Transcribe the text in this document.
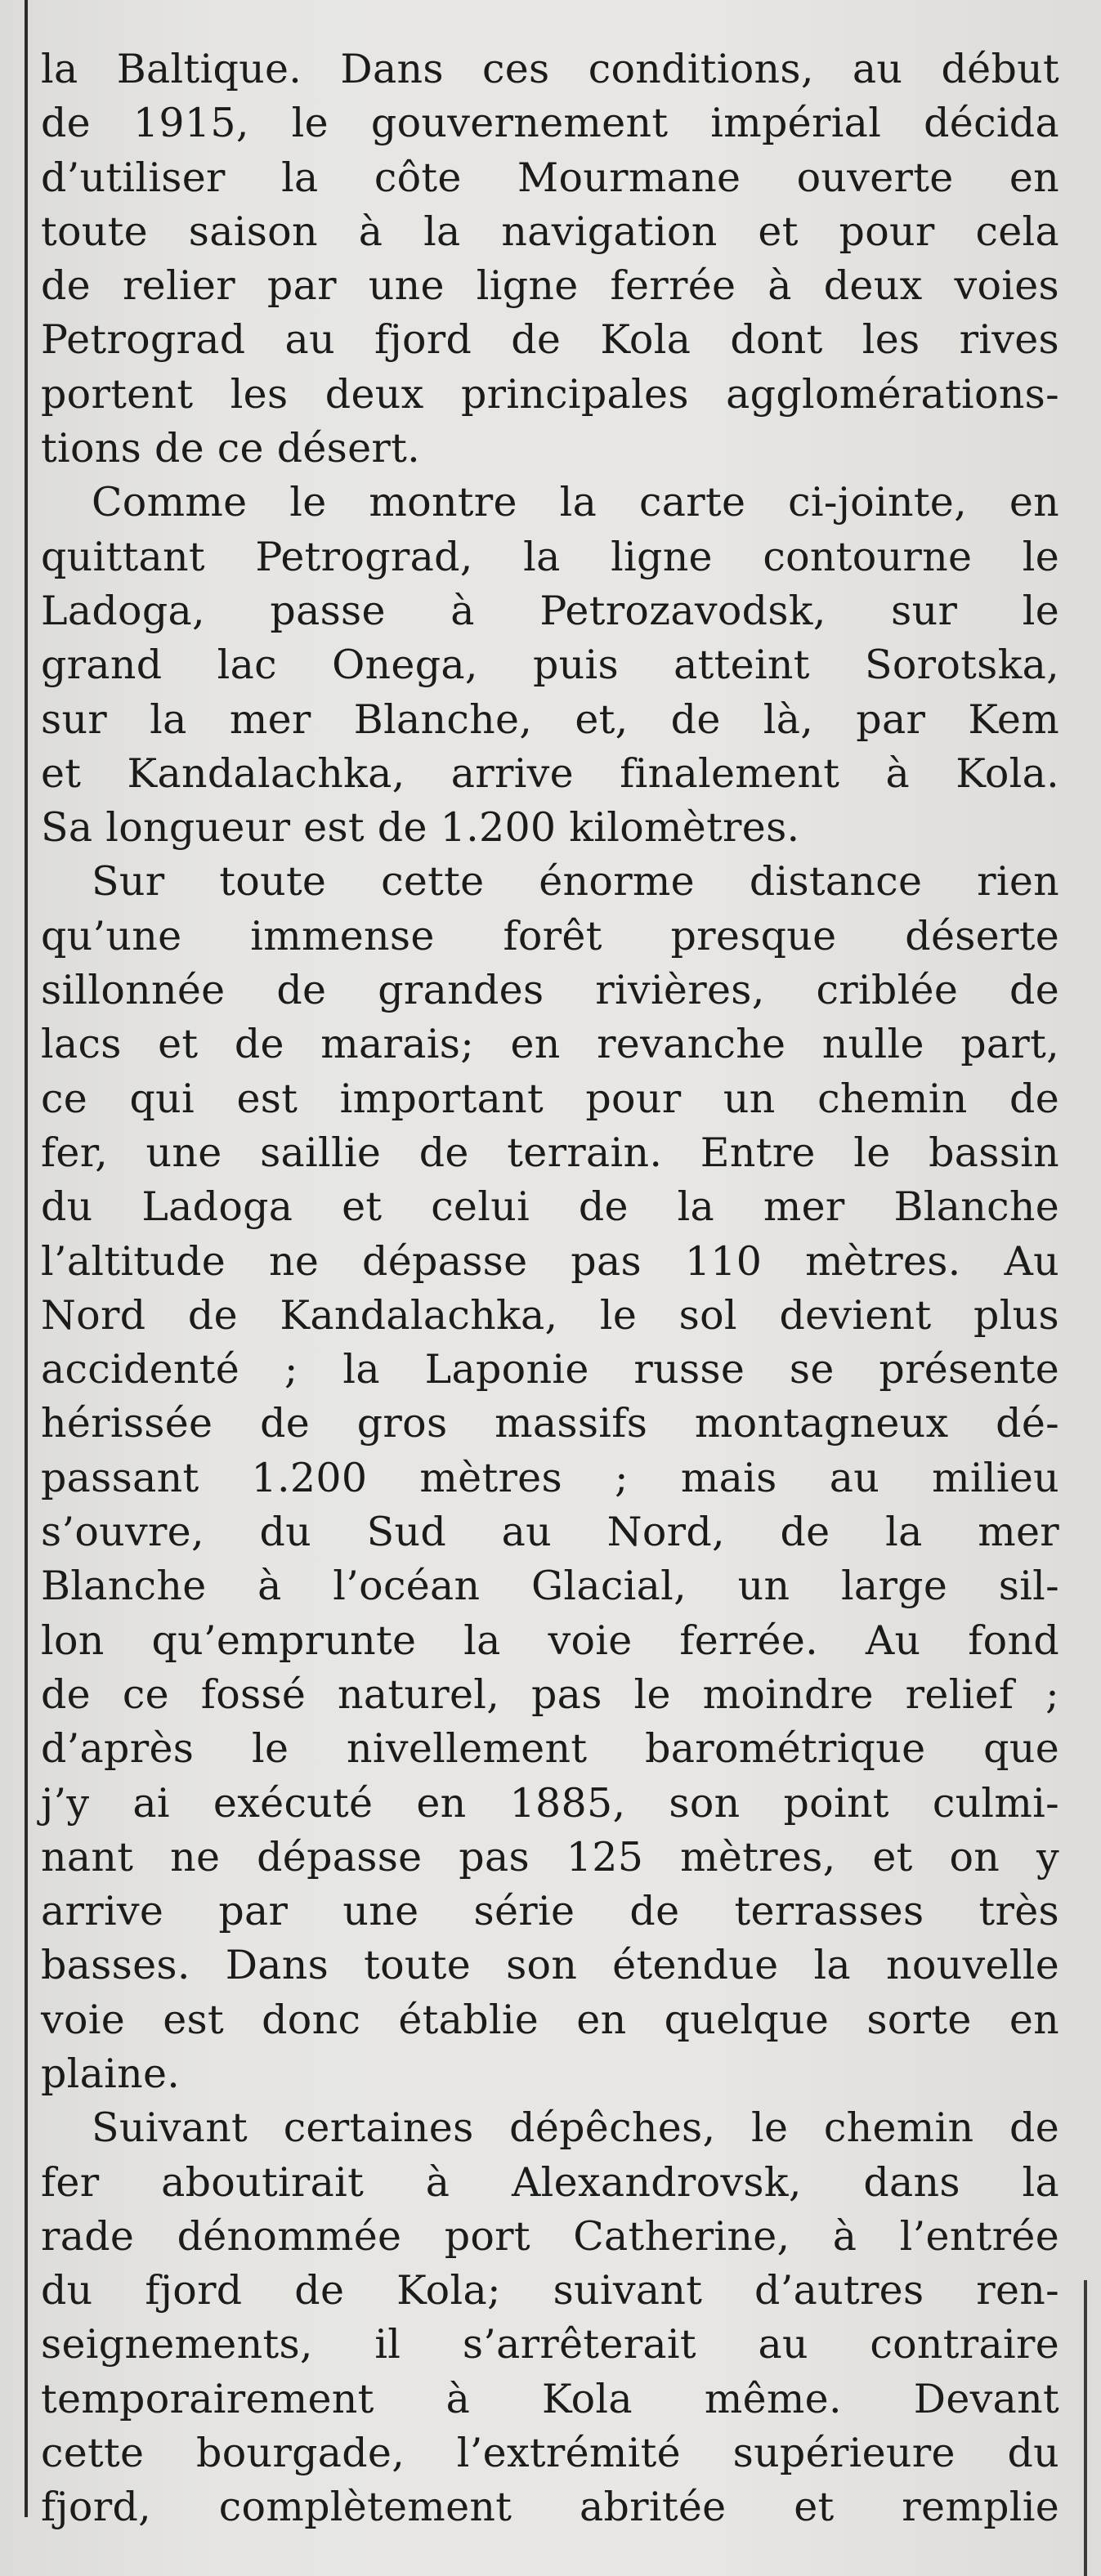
la Baltique. Dans ces conditions, au début
de 1915, le gouvernement impérial décida
d’utiliser la côte Mourmane ouverte en
toute saison à la navigation et pour cela
de relier par une ligne ferrée à deux voies
Petrograd au fjord de Kola dont les rives
portent les deux principales agglomérations-
tions de ce désert.
Comme le montre la carte ci-jointe, en
quittant Petrograd, la ligne contourne le
Ladoga, passe à Petrozavodsk, sur le
grand lac Onega, puis atteint Sorotska,
sur la mer Blanche, et, de là, par Kem
et Kandalachka, arrive finalement à Kola.
Sa longueur est de 1.200 kilomètres.
Sur toute cette énorme distance rien
qu’une immense forêt presque déserte
sillonnée de grandes rivières, criblée de
lacs et de marais; en revanche nulle part,
ce qui est important pour un chemin de
fer, une saillie de terrain. Entre le bassin
du Ladoga et celui de la mer Blanche
l’altitude ne dépasse pas 110 mètres. Au
Nord de Kandalachka, le sol devient plus
accidenté ; la Laponie russe se présente
hérissée de gros massifs montagneux dé-
passant 1.200 mètres ; mais au milieu
s’ouvre, du Sud au Nord, de la mer
Blanche à l’océan Glacial, un large sil-
lon qu’emprunte la voie ferrée. Au fond
de ce fossé naturel, pas le moindre relief ;
d’après le nivellement barométrique que
j’y ai exécuté en 1885, son point culmi-
nant ne dépasse pas 125 mètres, et on y
arrive par une série de terrasses très
basses. Dans toute son étendue la nouvelle
voie est donc établie en quelque sorte en
plaine.
Suivant certaines dépêches, le chemin de
fer aboutirait à Alexandrovsk, dans la
rade dénommée port Catherine, à l’entrée
du fjord de Kola; suivant d’autres ren-
seignements, il s’arrêterait au contraire
temporairement à Kola même. Devant
cette bourgade, l’extrémité supérieure du
fjord, complètement abritée et remplie
